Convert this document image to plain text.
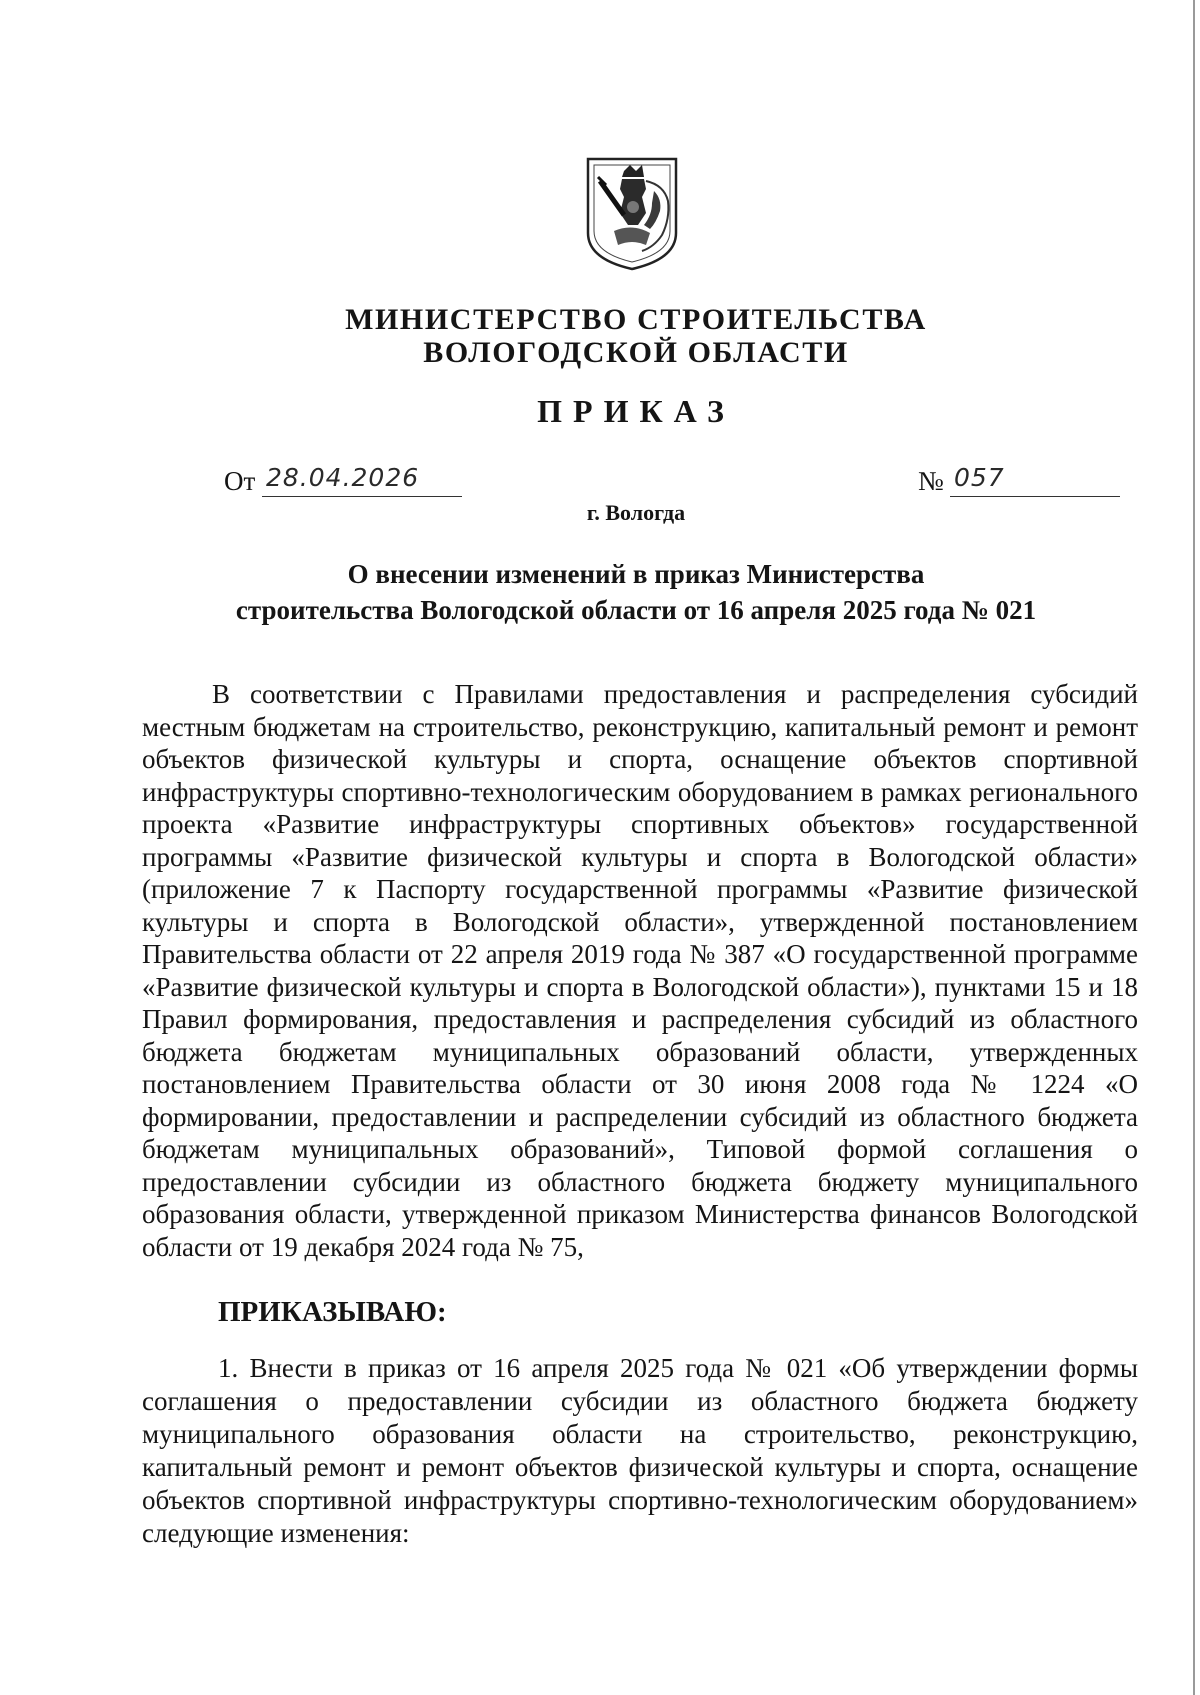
МИНИСТЕРСТВО СТРОИТЕЛЬСТВА
ВОЛОГОДСКОЙ ОБЛАСТИ
ПРИКАЗ
От 28.04.2026	№ 057
г. Вологда
О внесении изменений в приказ Министерства
строительства Вологодской области от 16 апреля 2025 года № 021

В соответствии с Правилами предоставления и распределения субсидий местным бюджетам на строительство, реконструкцию, капитальный ремонт и ремонт объектов физической культуры и спорта, оснащение объектов спортивной инфраструктуры спортивно-технологическим оборудованием в рамках регионального проекта «Развитие инфраструктуры спортивных объектов» государственной программы «Развитие физической культуры и спорта в Вологодской области» (приложение 7 к Паспорту государственной программы «Развитие физической культуры и спорта в Вологодской области», утвержденной постановлением Правительства области от 22 апреля 2019 года № 387 «О государственной программе «Развитие физической культуры и спорта в Вологодской области»), пунктами 15 и 18 Правил формирования, предоставления и распределения субсидий из областного бюджета бюджетам муниципальных образований области, утвержденных постановлением Правительства области от 30 июня 2008 года № 1224 «О формировании, предоставлении и распределении субсидий из областного бюджета бюджетам муниципальных образований», Типовой формой соглашения о предоставлении субсидии из областного бюджета бюджету муниципального образования области, утвержденной приказом Министерства финансов Вологодской области от 19 декабря 2024 года № 75,

ПРИКАЗЫВАЮ:

1. Внести в приказ от 16 апреля 2025 года № 021 «Об утверждении формы соглашения о предоставлении субсидии из областного бюджета бюджету муниципального образования области на строительство, реконструкцию, капитальный ремонт и ремонт объектов физической культуры и спорта, оснащение объектов спортивной инфраструктуры спортивно-технологическим оборудованием» следующие изменения:
